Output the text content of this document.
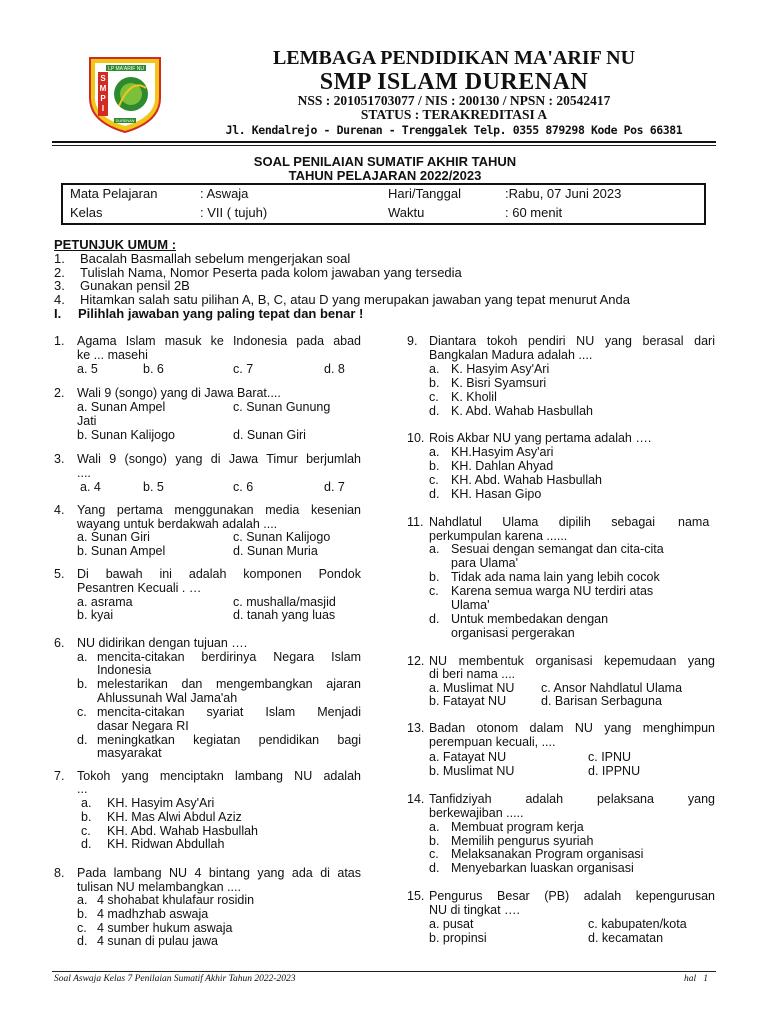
LP MA'ARIF NU
S
M
P
I
DURENAN
LEMBAGA PENDIDIKAN MA'ARIF NU
SMP ISLAM DURENAN
NSS : 201051703077 / NIS : 200130 / NPSN : 20542417
STATUS : TERAKREDITASI A
Jl. Kendalrejo - Durenan - Trenggalek Telp. 0355 879298 Kode Pos 66381
SOAL PENILAIAN SUMATIF AKHIR TAHUN
TAHUN PELAJARAN 2022/2023
Mata Pelajaran	: Aswaja	Hari/Tanggal	:Rabu, 07 Juni 2023
Kelas	: VII ( tujuh)	Waktu	: 60 menit
PETUNJUK UMUM :
1. Bacalah Basmallah sebelum mengerjakan soal
2. Tulislah Nama, Nomor Peserta pada kolom jawaban yang tersedia
3. Gunakan pensil 2B
4. Hitamkan salah satu pilihan A, B, C, atau D yang merupakan jawaban yang tepat menurut Anda
I. Pilihlah jawaban yang paling tepat dan benar !
1. Agama Islam masuk ke Indonesia pada abad
ke ... masehi
a. 5	b. 6	c. 7	d. 8
2. Wali 9 (songo) yang di Jawa Barat....
a. Sunan Ampel	c. Sunan Gunung
Jati
b. Sunan Kalijogo	d. Sunan Giri
3. Wali 9 (songo) yang di Jawa Timur berjumlah
....
a. 4	b. 5	c. 6	d. 7
4. Yang pertama menggunakan media kesenian
wayang untuk berdakwah adalah ....
a. Sunan Giri	c. Sunan Kalijogo
b. Sunan Ampel	d. Sunan Muria
5. Di bawah ini adalah komponen Pondok
Pesantren Kecuali . …
a. asrama	c. mushalla/masjid
b. kyai	d. tanah yang luas
6. NU didirikan dengan tujuan ….
a. mencita-citakan berdirinya Negara Islam
Indonesia
b. melestarikan dan mengembangkan ajaran
Ahlussunah Wal Jama'ah
c. mencita-citakan syariat Islam Menjadi
dasar Negara RI
d. meningkatkan kegiatan pendidikan bagi
masyarakat
7. Tokoh yang menciptakn lambang NU adalah
...
a. KH. Hasyim Asy'Ari
b. KH. Mas Alwi Abdul Aziz
c. KH. Abd. Wahab Hasbullah
d. KH. Ridwan Abdullah
8. Pada lambang NU 4 bintang yang ada di atas
tulisan NU melambangkan ....
a. 4 shohabat khulafaur rosidin
b. 4 madhzhab aswaja
c. 4 sumber hukum aswaja
d. 4 sunan di pulau jawa
9. Diantara tokoh pendiri NU yang berasal dari
Bangkalan Madura adalah ....
a. K. Hasyim Asy'Ari
b. K. Bisri Syamsuri
c. K. Kholil
d. K. Abd. Wahab Hasbullah
10. Rois Akbar NU yang pertama adalah ….
a. KH.Hasyim Asy'ari
b. KH. Dahlan Ahyad
c. KH. Abd. Wahab Hasbullah
d. KH. Hasan Gipo
11. Nahdlatul Ulama dipilih sebagai nama
perkumpulan karena ......
a. Sesuai dengan semangat dan cita-cita
para Ulama'
b. Tidak ada nama lain yang lebih cocok
c. Karena semua warga NU terdiri atas
Ulama'
d. Untuk membedakan dengan
organisasi pergerakan
12. NU membentuk organisasi kepemudaan yang
di beri nama ....
a. Muslimat NU c. Ansor Nahdlatul Ulama
b. Fatayat NU	d. Barisan Serbaguna
13. Badan otonom dalam NU yang menghimpun
perempuan kecuali, ....
a. Fatayat NU	c. IPNU
b. Muslimat NU	d. IPPNU
14. Tanfidziyah adalah pelaksana yang
berkewajiban .....
a. Membuat program kerja
b. Memilih pengurus syuriah
c. Melaksanakan Program organisasi
d. Menyebarkan luaskan organisasi
15. Pengurus Besar (PB) adalah kepengurusan
NU di tingkat ….
a. pusat	c. kabupaten/kota
b. propinsi	d. kecamatan
Soal Aswaja Kelas 7 Penilaian Sumatif Akhir Tahun 2022-2023	hal   1
